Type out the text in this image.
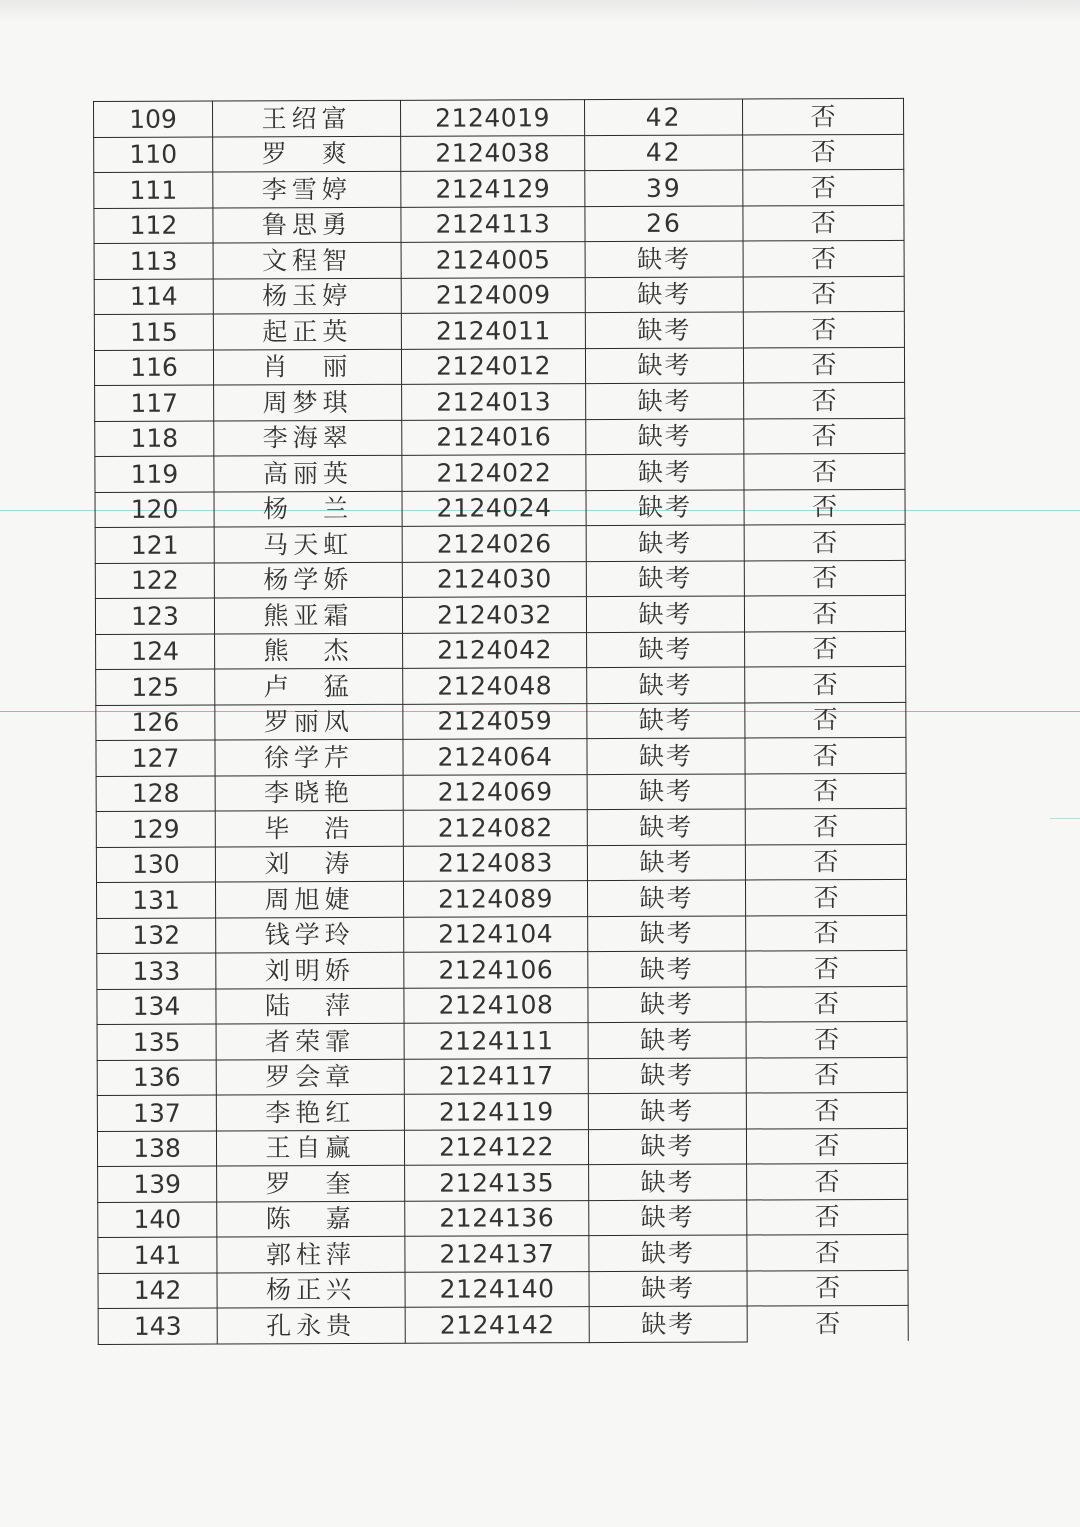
109	王绍富	2124019	42	否
110	罗　爽	2124038	42	否
111	李雪婷	2124129	39	否
112	鲁思勇	2124113	26	否
113	文程智	2124005	缺考	否
114	杨玉婷	2124009	缺考	否
115	起正英	2124011	缺考	否
116	肖　丽	2124012	缺考	否
117	周梦琪	2124013	缺考	否
118	李海翠	2124016	缺考	否
119	高丽英	2124022	缺考	否
120	杨　兰	2124024	缺考	否
121	马天虹	2124026	缺考	否
122	杨学娇	2124030	缺考	否
123	熊亚霜	2124032	缺考	否
124	熊　杰	2124042	缺考	否
125	卢　猛	2124048	缺考	否
126	罗丽凤	2124059	缺考	否
127	徐学芹	2124064	缺考	否
128	李晓艳	2124069	缺考	否
129	毕　浩	2124082	缺考	否
130	刘　涛	2124083	缺考	否
131	周旭婕	2124089	缺考	否
132	钱学玲	2124104	缺考	否
133	刘明娇	2124106	缺考	否
134	陆　萍	2124108	缺考	否
135	者荣霏	2124111	缺考	否
136	罗会章	2124117	缺考	否
137	李艳红	2124119	缺考	否
138	王自赢	2124122	缺考	否
139	罗　奎	2124135	缺考	否
140	陈　嘉	2124136	缺考	否
141	郭柱萍	2124137	缺考	否
142	杨正兴	2124140	缺考	否
143	孔永贵	2124142	缺考	否
